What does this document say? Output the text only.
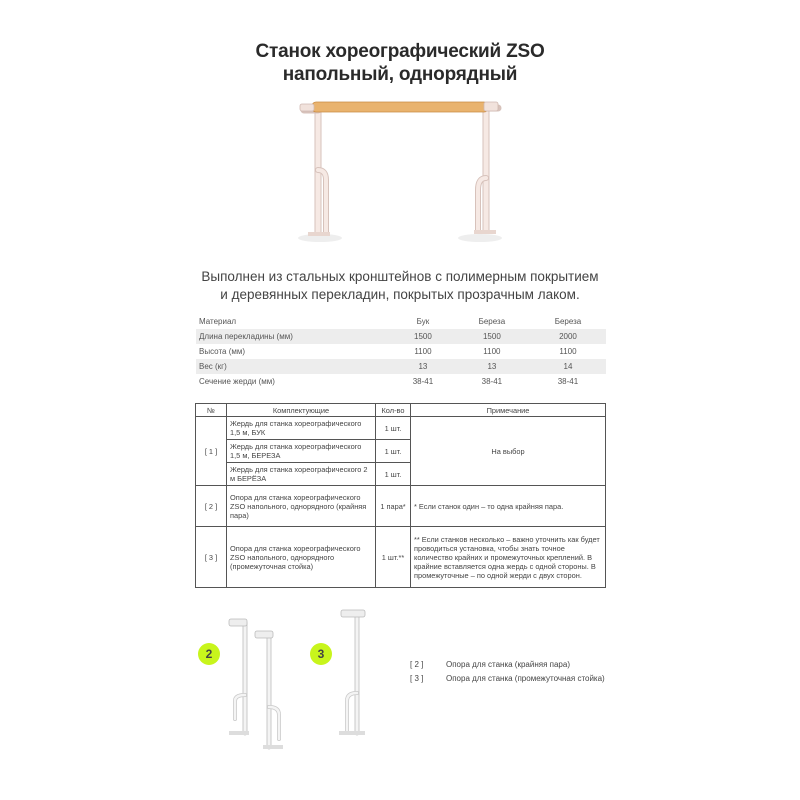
Станок хореографический ZSO
напольный, однорядный
Выполнен из стальных кронштейнов с полимерным покрытием
и деревянных перекладин, покрытых прозрачным лаком.
Материал	Бук	Береза	Береза
Длина перекладины (мм)	1500	1500	2000
Высота (мм)	1100	1100	1100
Вес (кг)	13	13	14
Сечение жерди (мм)	38-41	38-41	38-41
№	Комплектующие	Кол-во	Примечание
[ 1 ]	Жердь для станка хореографического 1,5 м, БУК	1 шт.	На выбор
	Жердь для станка хореографического 1,5 м, БЕРЕЗА	1 шт.	
	Жердь для станка хореографического 2 м БЕРЁЗА	1 шт.	
[ 2 ]	Опора для станка хореографического ZSO напольного, однорядного (крайняя пара)	1 пара*	* Если станок один – то одна крайняя пара.
[ 3 ]	Опора для станка хореографического ZSO напольного, однорядного (промежуточная стойка)	1 шт.**	** Если станков несколько – важно уточнить как будет проводиться установка, чтобы знать точное количество крайних и промежуточных креплений. В крайние вставляется одна жердь с одной стороны. В промежуточные – по одной жерди с двух сторон.
2	3
[ 2 ]	Опора для станка (крайняя пара)
[ 3 ]	Опора для станка (промежуточная стойка)
